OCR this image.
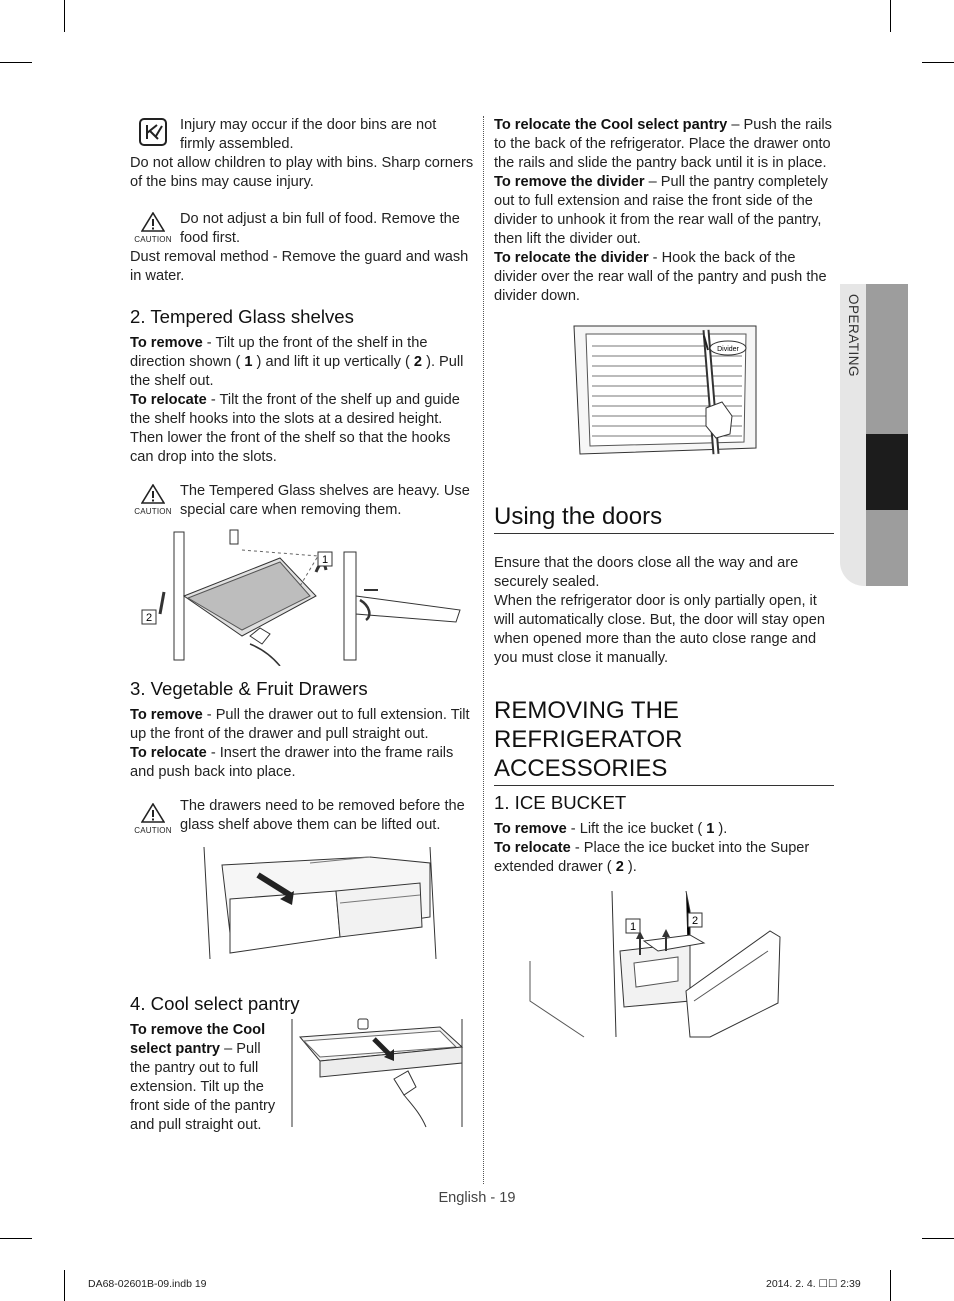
Injury may occur if the door bins are not firmly assembled.

Do not allow children to play with bins. Sharp corners of the bins may cause injury.

CAUTION

Do not adjust a bin full of food. Remove the food first.

Dust removal method - Remove the guard and wash in water.

2. Tempered Glass shelves

To remove - Tilt up the front of the shelf in the direction shown ( 1 ) and lift it up vertically ( 2 ). Pull the shelf out.

To relocate - Tilt the front of the shelf up and guide the shelf hooks into the slots at a desired height. Then lower the front of the shelf so that the hooks can drop into the slots.

CAUTION

The Tempered Glass shelves are heavy. Use special care when removing them.

1
2
3. Vegetable & Fruit Drawers

To remove - Pull the drawer out to full extension. Tilt up the front of the drawer and pull straight out.

To relocate - Insert the drawer into the frame rails and push back into place.

CAUTION

The drawers need to be removed before the glass shelf above them can be lifted out.

4. Cool select pantry

To remove the Cool select pantry – Pull the pantry out to full extension. Tilt up the front side of the pantry and pull straight out.

To relocate the Cool select pantry – Push the rails to the back of the refrigerator. Place the drawer onto the rails and slide the pantry back until it is in place.

To remove the divider – Pull the pantry completely out to full extension and raise the front side of the divider to unhook it from the rear wall of the pantry, then lift the divider out.

To relocate the divider - Hook the back of the divider over the rear wall of the pantry and push the divider down.

Divider
Using the doors

Ensure that the doors close all the way and are securely sealed.

When the refrigerator door is only partially open, it will automatically close. But, the door will stay open when opened more than the auto close range and you must close it manually.

REMOVING THE REFRIGERATOR ACCESSORIES
1. ICE BUCKET

To remove - Lift the ice bucket ( 1 ).

To relocate - Place the ice bucket into the Super extended drawer ( 2 ).

1	2
OPERATING
English - 19
DA68-02601B-09.indb 19	2014. 2. 4. ☐☐ 2:39
